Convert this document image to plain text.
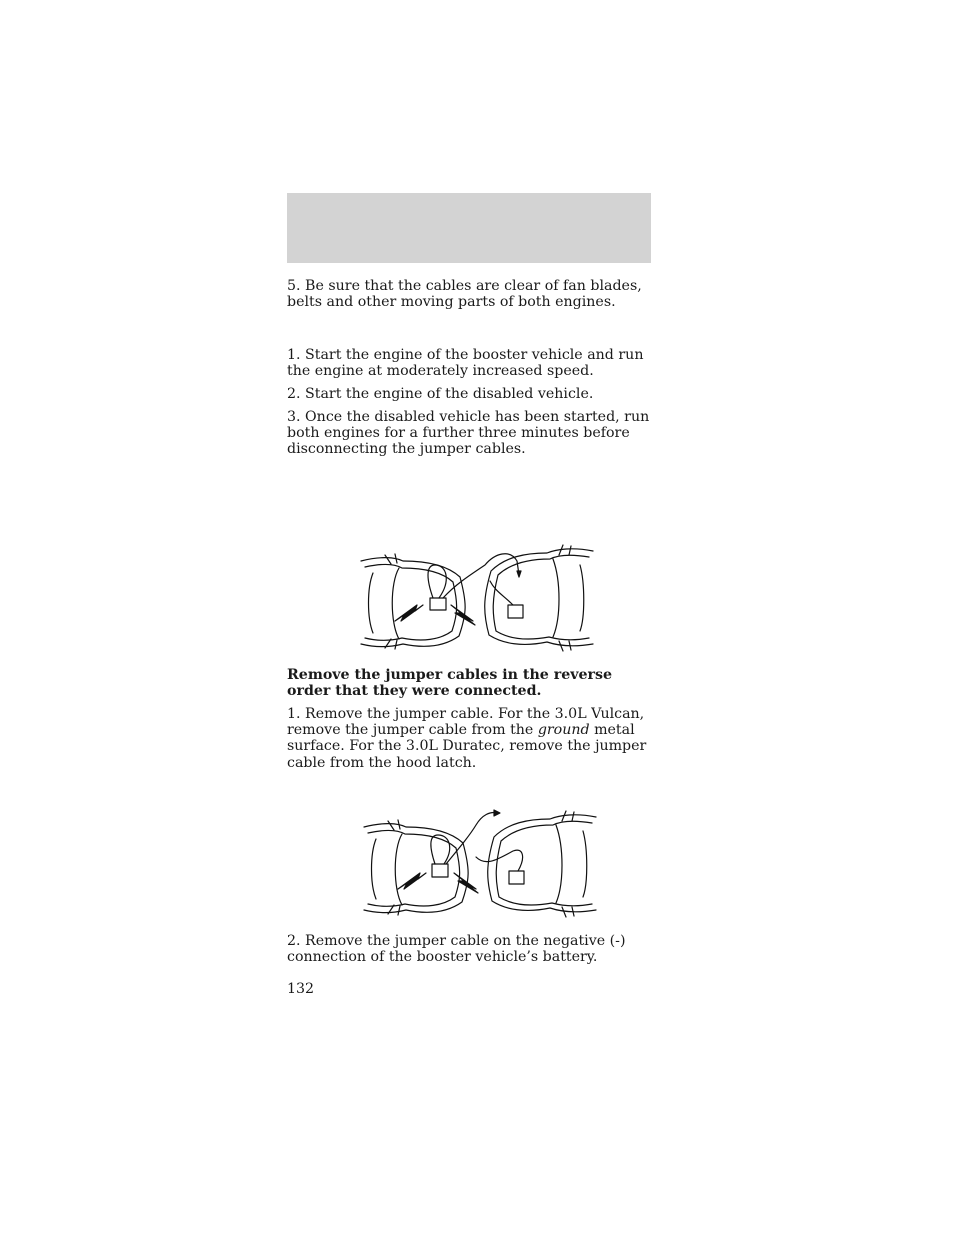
5. Be sure that the cables are clear of fan blades, belts and other moving parts of both engines.

1. Start the engine of the booster vehicle and run the engine at moderately increased speed.

2. Start the engine of the disabled vehicle.

3. Once the disabled vehicle has been started, run both engines for a further three minutes before disconnecting the jumper cables.

Remove the jumper cables in the reverse order that they were connected.

1. Remove the jumper cable. For the 3.0L Vulcan, remove the jumper cable from the ground metal surface. For the 3.0L Duratec, remove the jumper cable from the hood latch.

2. Remove the jumper cable on the negative (-) connection of the booster vehicle’s battery.

132
